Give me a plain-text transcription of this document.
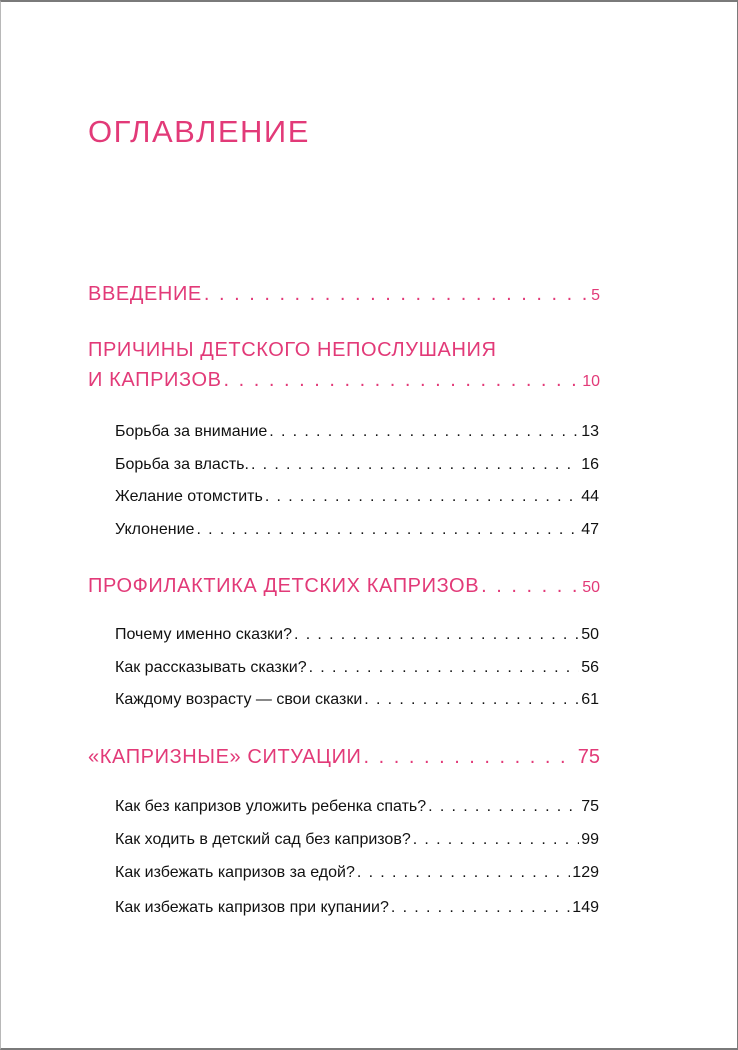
ОГЛАВЛЕНИЕ
ВВЕДЕНИЕ . . .	5
ПРИЧИНЫ ДЕТСКОГО НЕПОСЛУШАНИЯ
И КАПРИЗОВ . . .	10
Борьба за внимание . . .	13
Борьба за власть. . . .	16
Желание отомстить . . .	44
Уклонение . . .	47
ПРОФИЛАКТИКА ДЕТСКИХ КАПРИЗОВ . . .	50
Почему именно сказки? . . .	50
Как рассказывать сказки? . . .	56
Каждому возрасту — свои сказки . . .	61
«КАПРИЗНЫЕ» СИТУАЦИИ . . .	75
Как без капризов уложить ребенка спать? . . .	75
Как ходить в детский сад без капризов? . . .	99
Как избежать капризов за едой? . . .	129
Как избежать капризов при купании? . . .	149
